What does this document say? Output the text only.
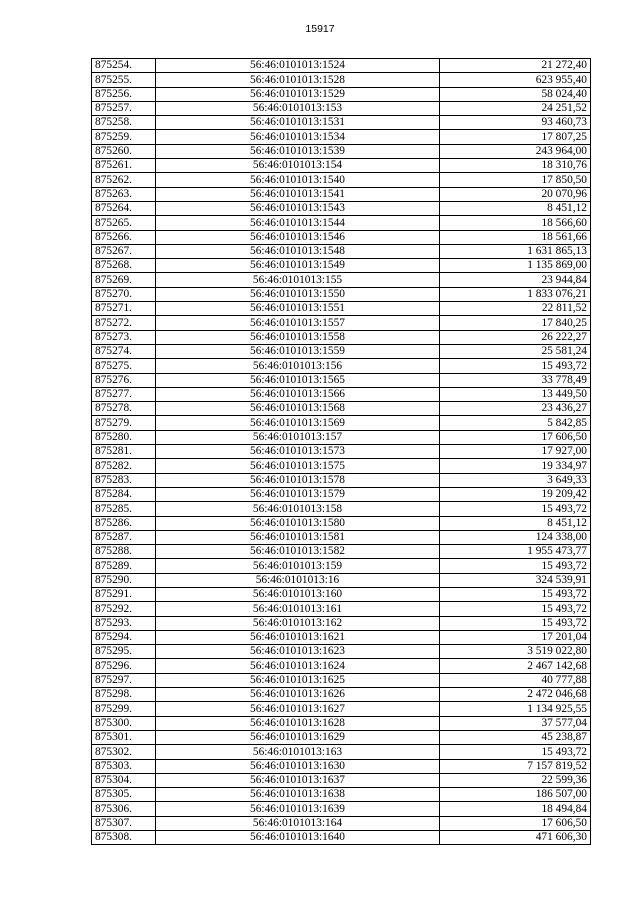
15917
875254.	56:46:0101013:1524	21 272,40
875255.	56:46:0101013:1528	623 955,40
875256.	56:46:0101013:1529	58 024,40
875257.	56:46:0101013:153	24 251,52
875258.	56:46:0101013:1531	93 460,73
875259.	56:46:0101013:1534	17 807,25
875260.	56:46:0101013:1539	243 964,00
875261.	56:46:0101013:154	18 310,76
875262.	56:46:0101013:1540	17 850,50
875263.	56:46:0101013:1541	20 070,96
875264.	56:46:0101013:1543	8 451,12
875265.	56:46:0101013:1544	18 566,60
875266.	56:46:0101013:1546	18 561,66
875267.	56:46:0101013:1548	1 631 865,13
875268.	56:46:0101013:1549	1 135 869,00
875269.	56:46:0101013:155	23 944,84
875270.	56:46:0101013:1550	1 833 076,21
875271.	56:46:0101013:1551	22 811,52
875272.	56:46:0101013:1557	17 840,25
875273.	56:46:0101013:1558	26 222,27
875274.	56:46:0101013:1559	25 581,24
875275.	56:46:0101013:156	15 493,72
875276.	56:46:0101013:1565	33 778,49
875277.	56:46:0101013:1566	13 449,50
875278.	56:46:0101013:1568	23 436,27
875279.	56:46:0101013:1569	5 842,85
875280.	56:46:0101013:157	17 606,50
875281.	56:46:0101013:1573	17 927,00
875282.	56:46:0101013:1575	19 334,97
875283.	56:46:0101013:1578	3 649,33
875284.	56:46:0101013:1579	19 209,42
875285.	56:46:0101013:158	15 493,72
875286.	56:46:0101013:1580	8 451,12
875287.	56:46:0101013:1581	124 338,00
875288.	56:46:0101013:1582	1 955 473,77
875289.	56:46:0101013:159	15 493,72
875290.	56:46:0101013:16	324 539,91
875291.	56:46:0101013:160	15 493,72
875292.	56:46:0101013:161	15 493,72
875293.	56:46:0101013:162	15 493,72
875294.	56:46:0101013:1621	17 201,04
875295.	56:46:0101013:1623	3 519 022,80
875296.	56:46:0101013:1624	2 467 142,68
875297.	56:46:0101013:1625	40 777,88
875298.	56:46:0101013:1626	2 472 046,68
875299.	56:46:0101013:1627	1 134 925,55
875300.	56:46:0101013:1628	37 577,04
875301.	56:46:0101013:1629	45 238,87
875302.	56:46:0101013:163	15 493,72
875303.	56:46:0101013:1630	7 157 819,52
875304.	56:46:0101013:1637	22 599,36
875305.	56:46:0101013:1638	186 507,00
875306.	56:46:0101013:1639	18 494,84
875307.	56:46:0101013:164	17 606,50
875308.	56:46:0101013:1640	471 606,30
